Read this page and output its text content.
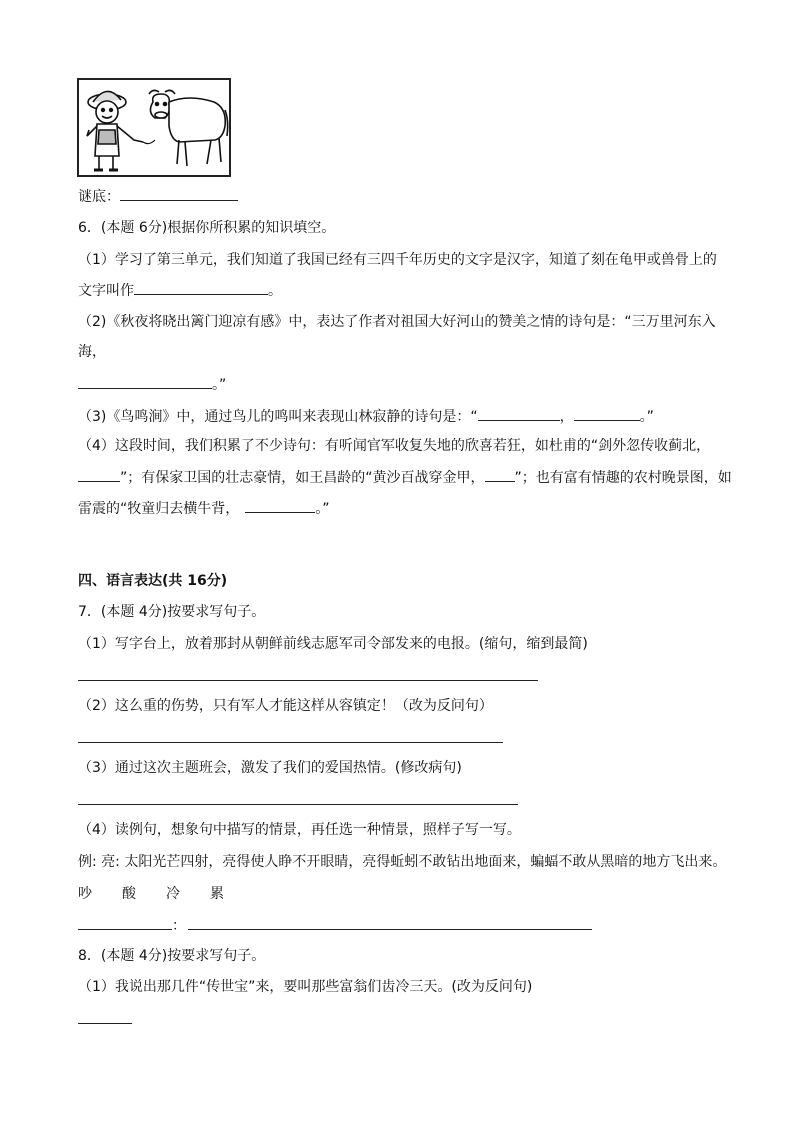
谜底：
6．(本题 6分)根据你所积累的知识填空。
（1）学习了第三单元，我们知道了我国已经有三四千年历史的文字是汉字，知道了刻在龟甲或兽骨上的
文字叫作	。
（2)《秋夜将晓出篱门迎凉有感》中，表达了作者对祖国大好河山的赞美之情的诗句是：“三万里河东入
海，
。”
（3)《鸟鸣涧》中，通过鸟儿的鸣叫来表现山林寂静的诗句是：“	，	。”
（4）这段时间，我们积累了不少诗句：有听闻官军收复失地的欣喜若狂，如杜甫的“剑外忽传收蓟北，
”；有保家卫国的壮志豪情，如王昌龄的“黄沙百战穿金甲， ”；也有富有情趣的农村晚景图，如
雷震的“牧童归去横牛背，	。”
四、语言表达(共 16分)
7．(本题 4分)按要求写句子。
（1）写字台上，放着那封从朝鲜前线志愿军司令部发来的电报。(缩句，缩到最简)
（2）这么重的伤势，只有军人才能这样从容镇定！（改为反问句）
（3）通过这次主题班会，激发了我们的爱国热情。(修改病句)
（4）读例句，想象句中描写的情景，再任选一种情景，照样子写一写。
例: 亮: 太阳光芒四射，亮得使人睁不开眼睛，亮得蚯蚓不敢钻出地面来，蝙蝠不敢从黑暗的地方飞出来。
吵 酸 冷 累
：
8．(本题 4分)按要求写句子。
（1）我说出那几件“传世宝”来，要叫那些富翁们齿冷三天。(改为反问句)
